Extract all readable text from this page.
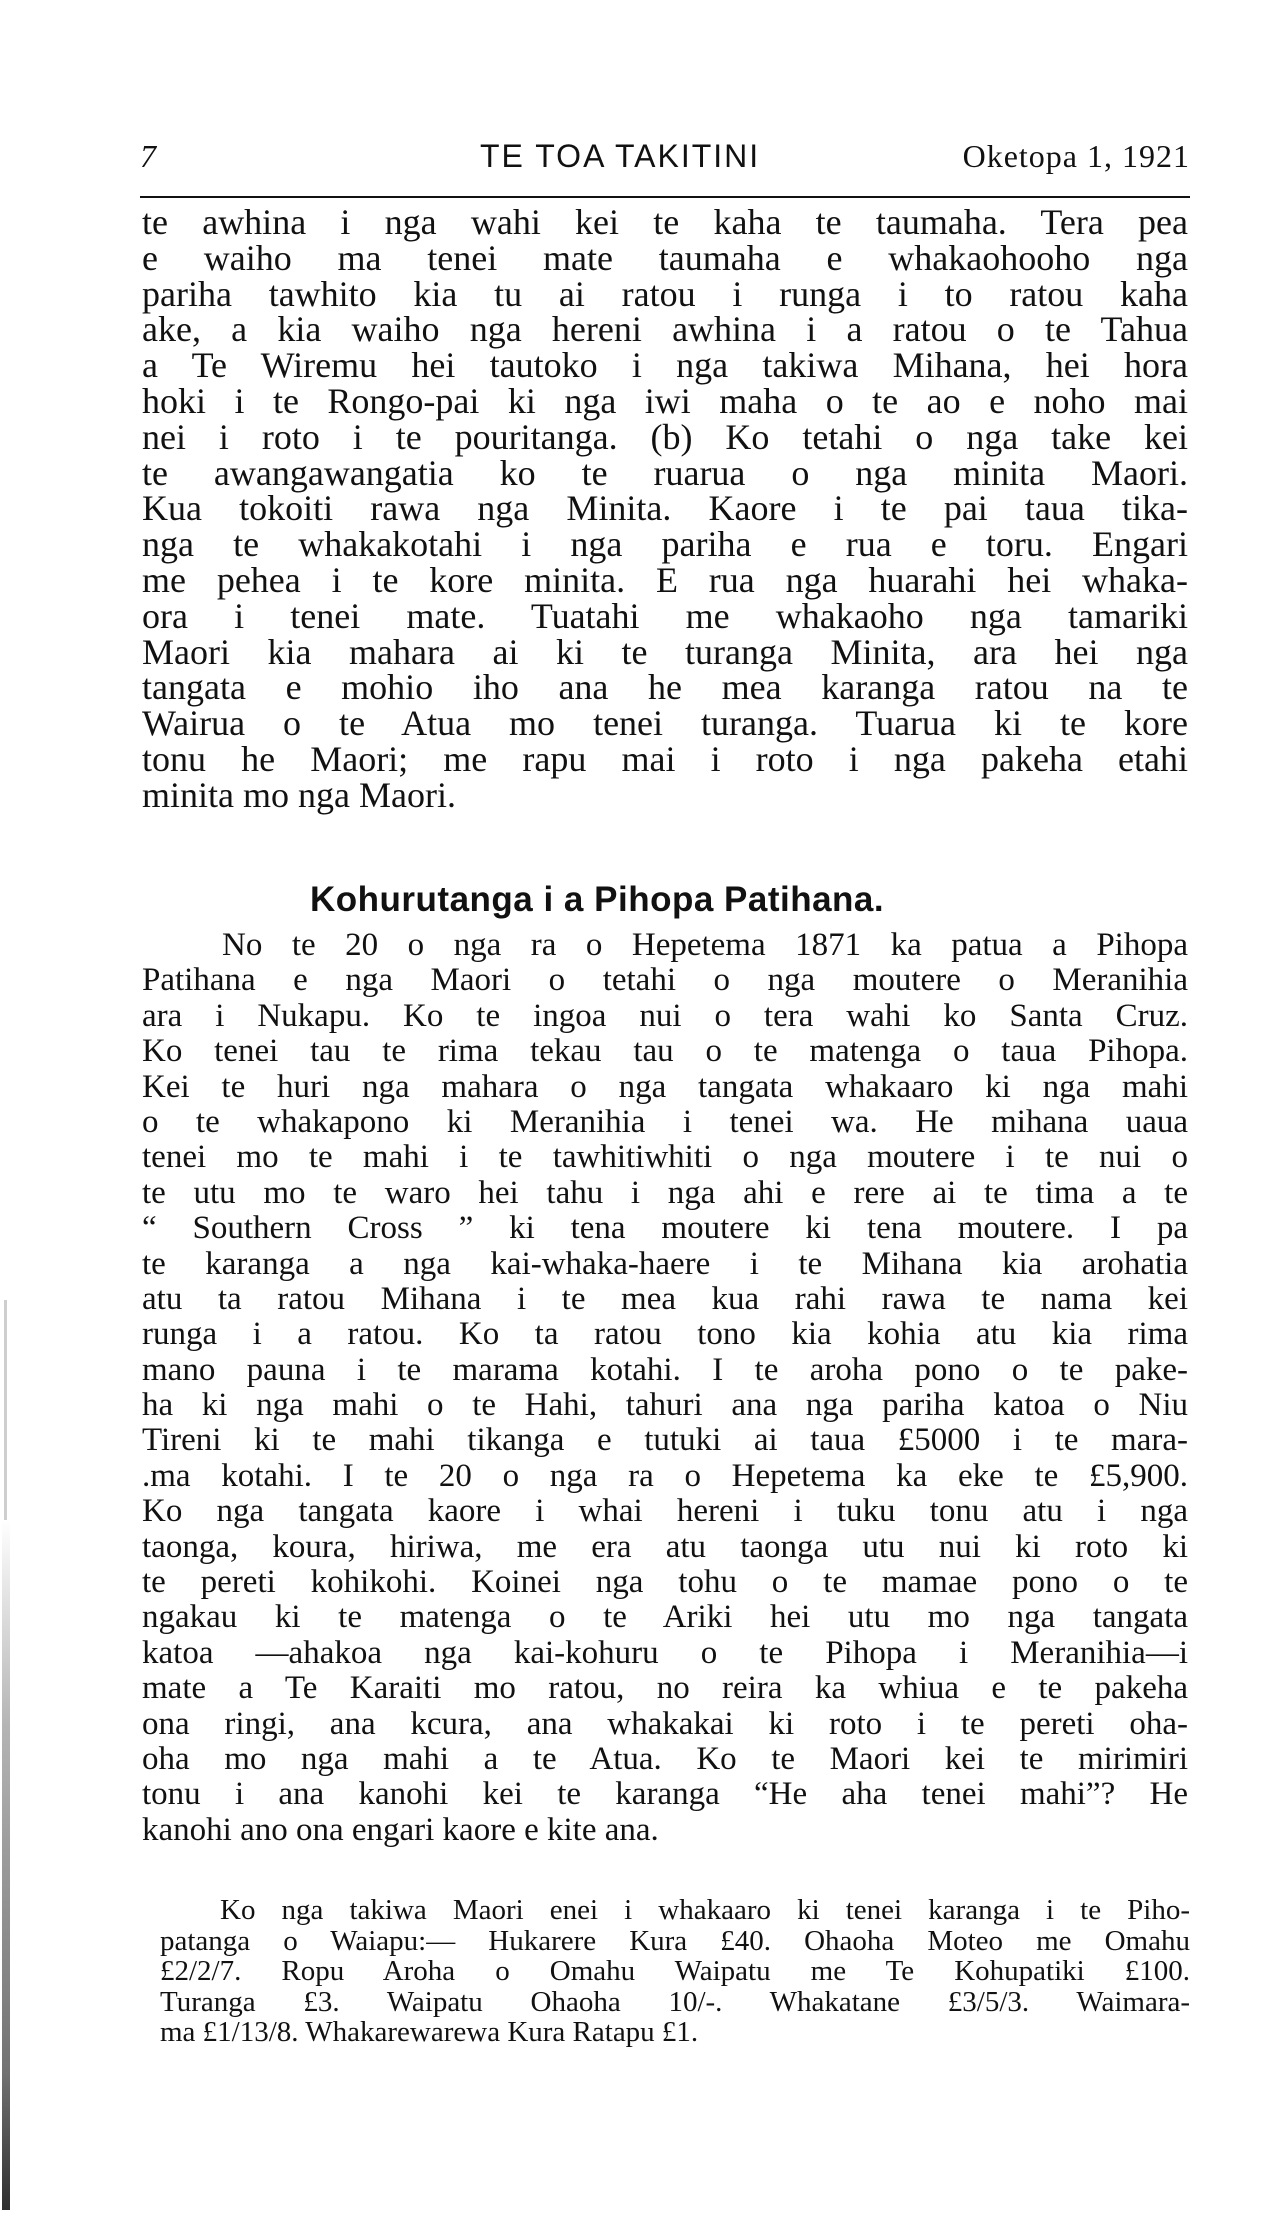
7	TE TOA TAKITINI	Oketopa 1, 1921
te awhina i nga wahi kei te kaha te taumaha. Tera pea
e waiho ma tenei mate taumaha e whakaohooho nga
pariha tawhito kia tu ai ratou i runga i to ratou kaha
ake, a kia waiho nga hereni awhina i a ratou o te Tahua
a Te Wiremu hei tautoko i nga takiwa Mihana, hei hora
hoki i te Rongo-pai ki nga iwi maha o te ao e noho mai
nei i roto i te pouritanga. (b) Ko tetahi o nga take kei
te awangawangatia ko te ruarua o nga minita Maori.
Kua tokoiti rawa nga Minita. Kaore i te pai taua tika-
nga te whakakotahi i nga pariha e rua e toru. Engari
me pehea i te kore minita. E rua nga huarahi hei whaka-
ora i tenei mate. Tuatahi me whakaoho nga tamariki
Maori kia mahara ai ki te turanga Minita, ara hei nga
tangata e mohio iho ana he mea karanga ratou na te
Wairua o te Atua mo tenei turanga. Tuarua ki te kore
tonu he Maori; me rapu mai i roto i nga pakeha etahi
minita mo nga Maori.
Kohurutanga i a Pihopa Patihana.
No te 20 o nga ra o Hepetema 1871 ka patua a Pihopa
Patihana e nga Maori o tetahi o nga moutere o Meranihia
ara i Nukapu. Ko te ingoa nui o tera wahi ko Santa Cruz.
Ko tenei tau te rima tekau tau o te matenga o taua Pihopa.
Kei te huri nga mahara o nga tangata whakaaro ki nga mahi
o te whakapono ki Meranihia i tenei wa. He mihana uaua
tenei mo te mahi i te tawhitiwhiti o nga moutere i te nui o
te utu mo te waro hei tahu i nga ahi e rere ai te tima a te
“ Southern Cross ” ki tena moutere ki tena moutere. I pa
te karanga a nga kai-whaka-haere i te Mihana kia arohatia
atu ta ratou Mihana i te mea kua rahi rawa te nama kei
runga i a ratou. Ko ta ratou tono kia kohia atu kia rima
mano pauna i te marama kotahi. I te aroha pono o te pake-
ha ki nga mahi o te Hahi, tahuri ana nga pariha katoa o Niu
Tireni ki te mahi tikanga e tutuki ai taua £5000 i te mara-
.ma kotahi. I te 20 o nga ra o Hepetema ka eke te £5,900.
Ko nga tangata kaore i whai hereni i tuku tonu atu i nga
taonga, koura, hiriwa, me era atu taonga utu nui ki roto ki
te pereti kohikohi. Koinei nga tohu o te mamae pono o te
ngakau ki te matenga o te Ariki hei utu mo nga tangata
katoa —ahakoa nga kai-kohuru o te Pihopa i Meranihia—i
mate a Te Karaiti mo ratou, no reira ka whiua e te pakeha
ona ringi, ana kcura, ana whakakai ki roto i te pereti oha-
oha mo nga mahi a te Atua. Ko te Maori kei te mirimiri
tonu i ana kanohi kei te karanga “He aha tenei mahi”? He
kanohi ano ona engari kaore e kite ana.
Ko nga takiwa Maori enei i whakaaro ki tenei karanga i te Piho-
patanga o Waiapu:— Hukarere Kura £40. Ohaoha Moteo me Omahu
£2/2/7. Ropu Aroha o Omahu Waipatu me Te Kohupatiki £100.
Turanga £3. Waipatu Ohaoha 10/-. Whakatane £3/5/3. Waimara-
ma £1/13/8. Whakarewarewa Kura Ratapu £1.
